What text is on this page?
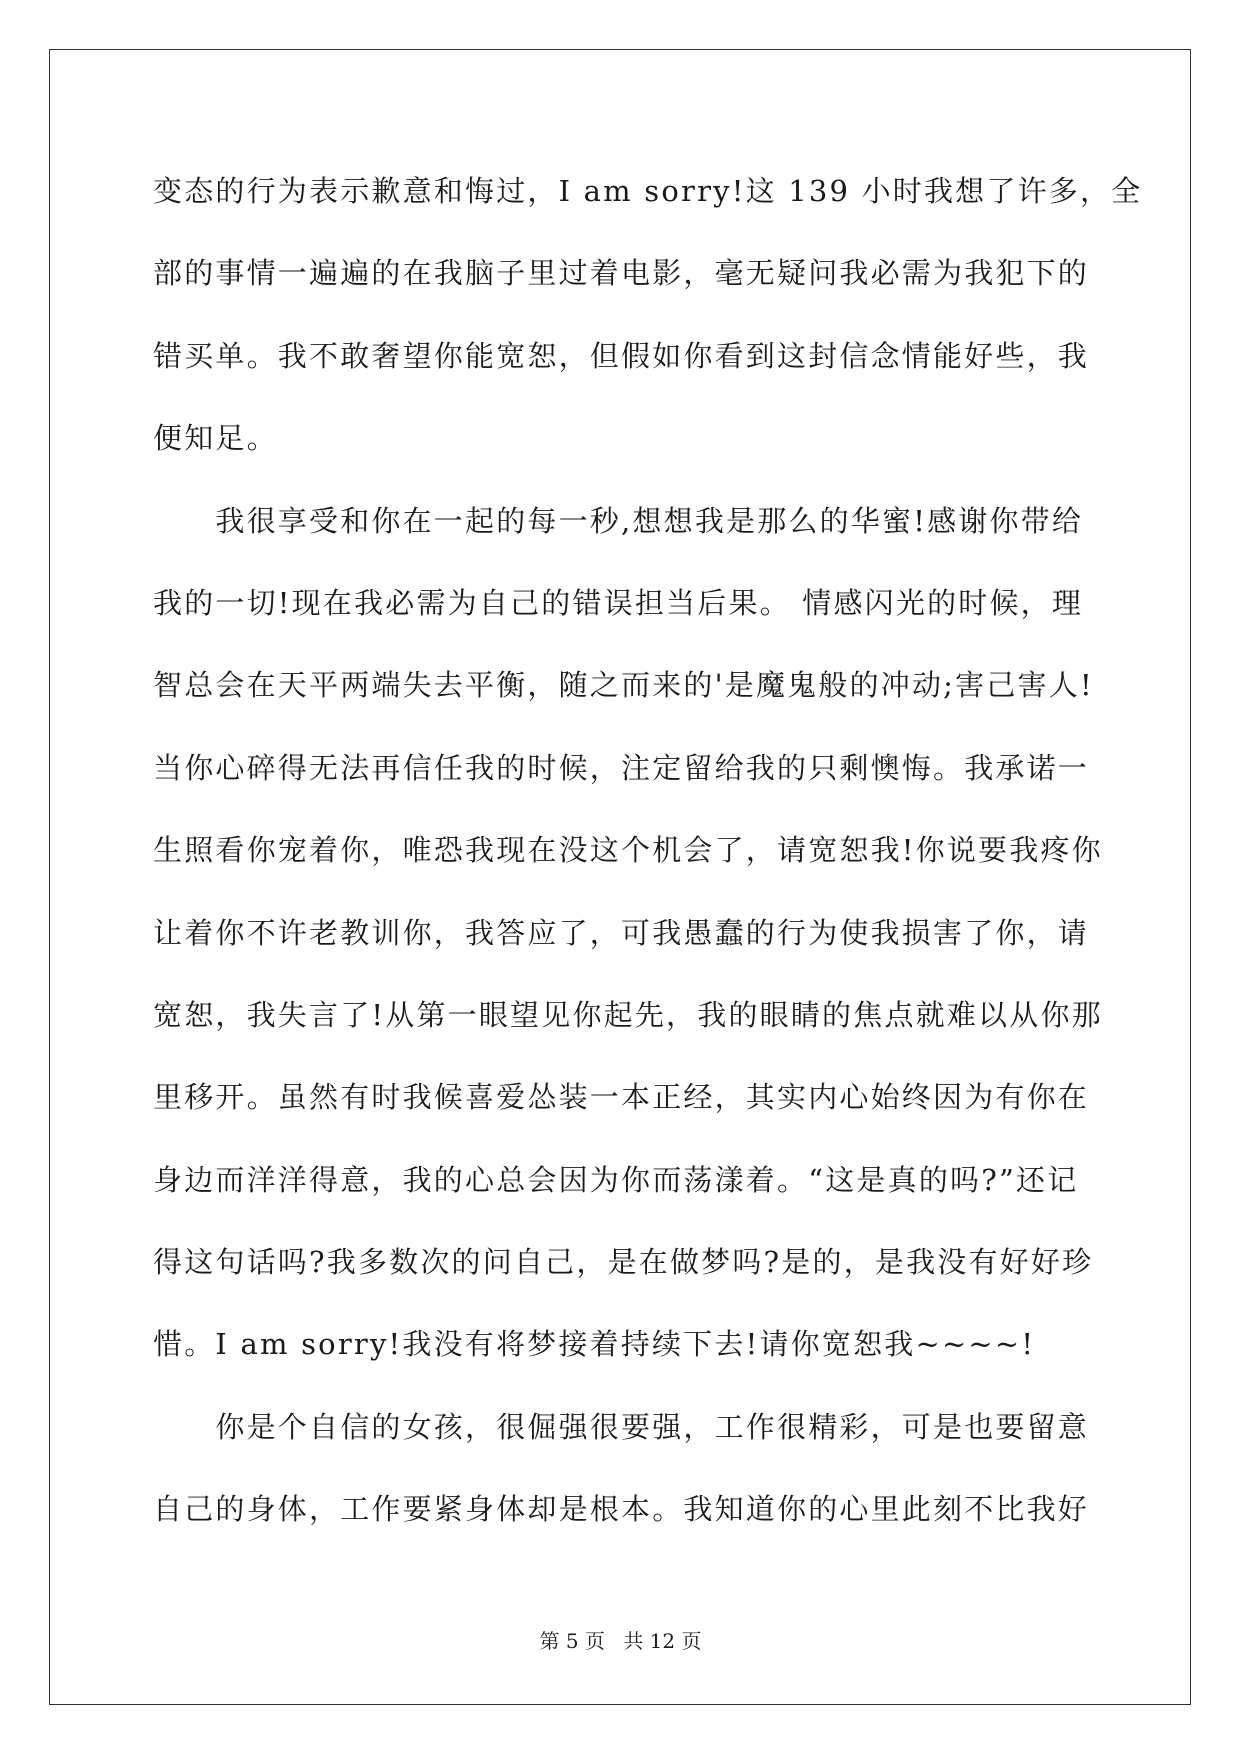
变态的行为表示歉意和悔过，I am sorry!这 139 小时我想了许多，全
部的事情一遍遍的在我脑子里过着电影，毫无疑问我必需为我犯下的
错买单。我不敢奢望你能宽恕，但假如你看到这封信念情能好些，我
便知足。
　　我很享受和你在一起的每一秒,想想我是那么的华蜜!感谢你带给
我的一切!现在我必需为自己的错误担当后果。 情感闪光的时候，理
智总会在天平两端失去平衡，随之而来的'是魔鬼般的冲动;害己害人!
当你心碎得无法再信任我的时候，注定留给我的只剩懊悔。我承诺一
生照看你宠着你，唯恐我现在没这个机会了，请宽恕我!你说要我疼你
让着你不许老教训你，我答应了，可我愚蠢的行为使我损害了你，请
宽恕，我失言了!从第一眼望见你起先，我的眼睛的焦点就难以从你那
里移开。虽然有时我候喜爱怂装一本正经，其实内心始终因为有你在
身边而洋洋得意，我的心总会因为你而荡漾着。“这是真的吗?”还记
得这句话吗?我多数次的问自己，是在做梦吗?是的，是我没有好好珍
惜。I am sorry!我没有将梦接着持续下去!请你宽恕我~~~~!
　　你是个自信的女孩，很倔强很要强，工作很精彩，可是也要留意
自己的身体，工作要紧身体却是根本。我知道你的心里此刻不比我好
第 5 页 共 12 页
